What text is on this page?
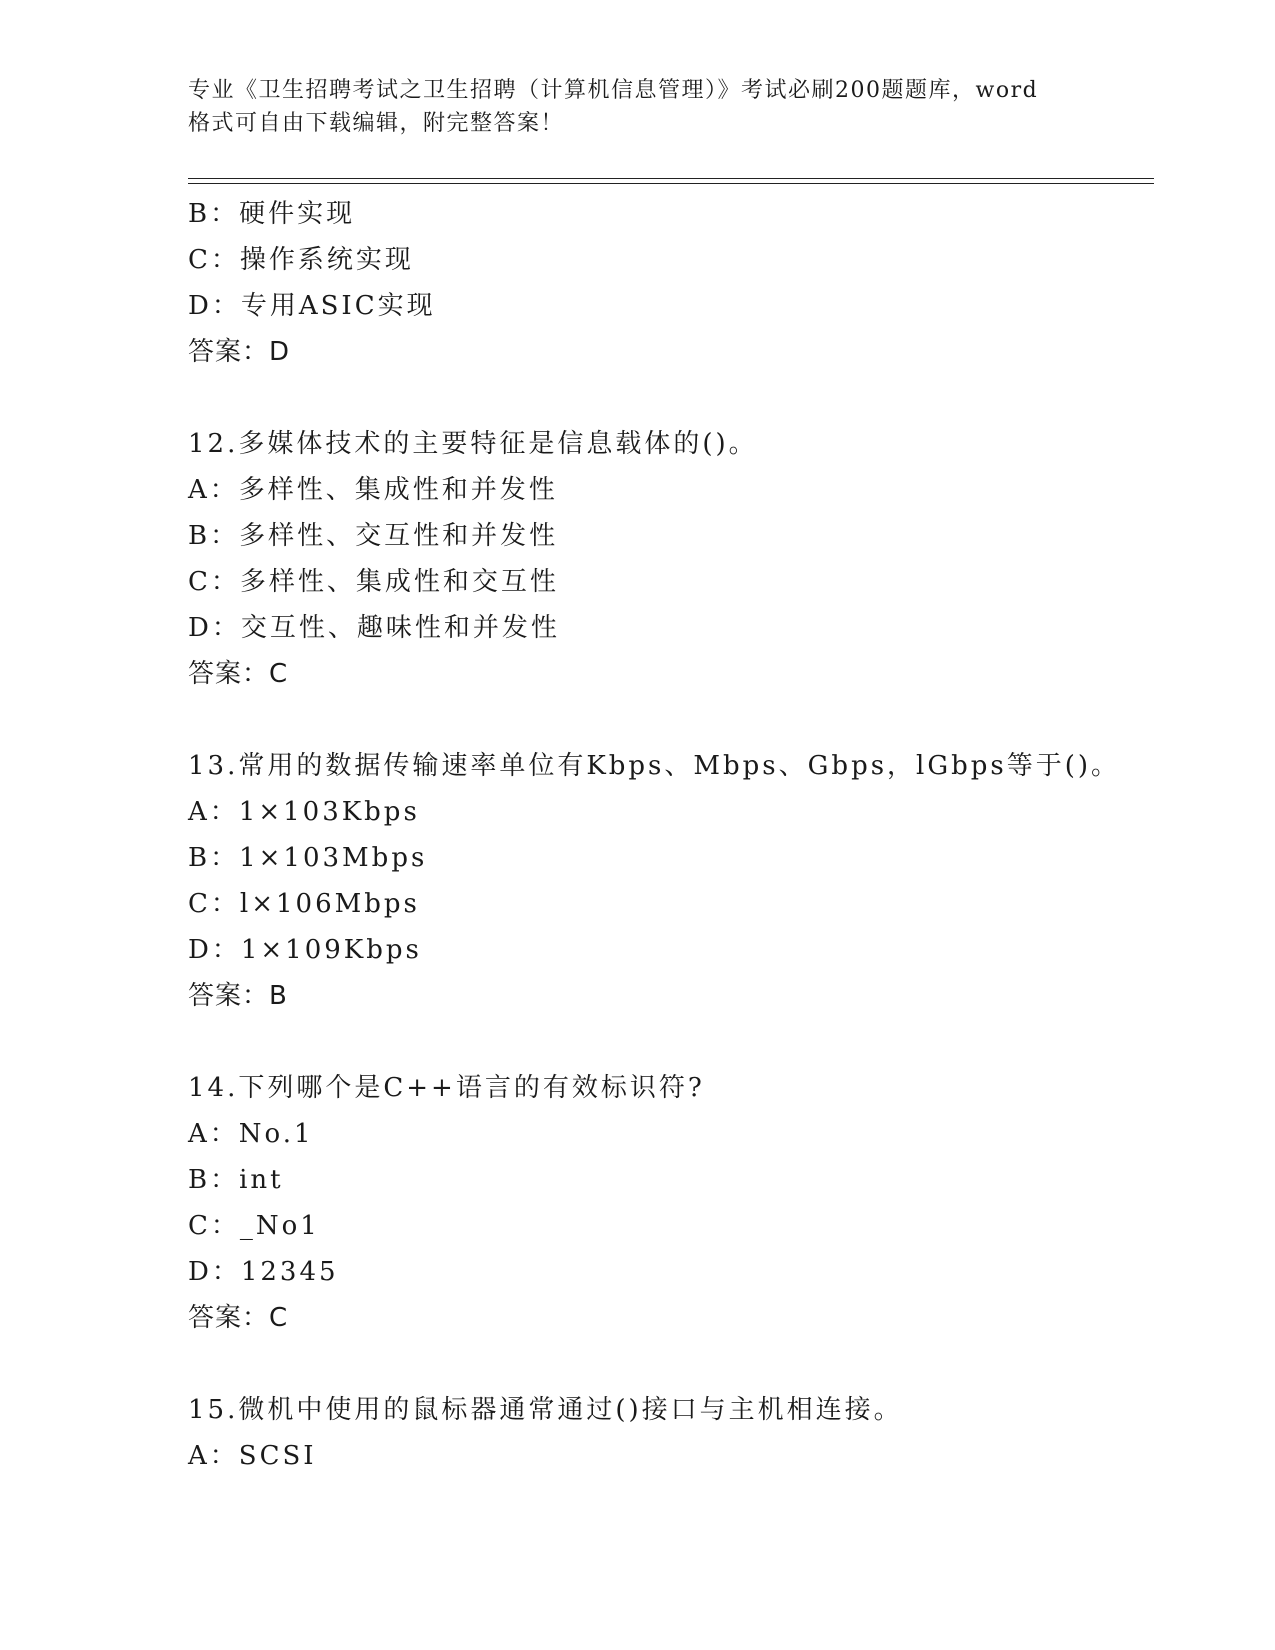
专业《卫生招聘考试之卫生招聘（计算机信息管理）》考试必刷200题题库，word
格式可自由下载编辑，附完整答案！
B：硬件实现
C：操作系统实现
D：专用ASIC实现
答案：D
12.多媒体技术的主要特征是信息载体的()。
A：多样性、集成性和并发性
B：多样性、交互性和并发性
C：多样性、集成性和交互性
D：交互性、趣味性和并发性
答案：C
13.常用的数据传输速率单位有Kbps、Mbps、Gbps，lGbps等于()。
A：1×103Kbps
B：1×103Mbps
C：l×106Mbps
D：1×109Kbps
答案：B
14.下列哪个是C++语言的有效标识符?
A：No.1
B：int
C：_No1
D：12345
答案：C
15.微机中使用的鼠标器通常通过()接口与主机相连接。
A：SCSI
